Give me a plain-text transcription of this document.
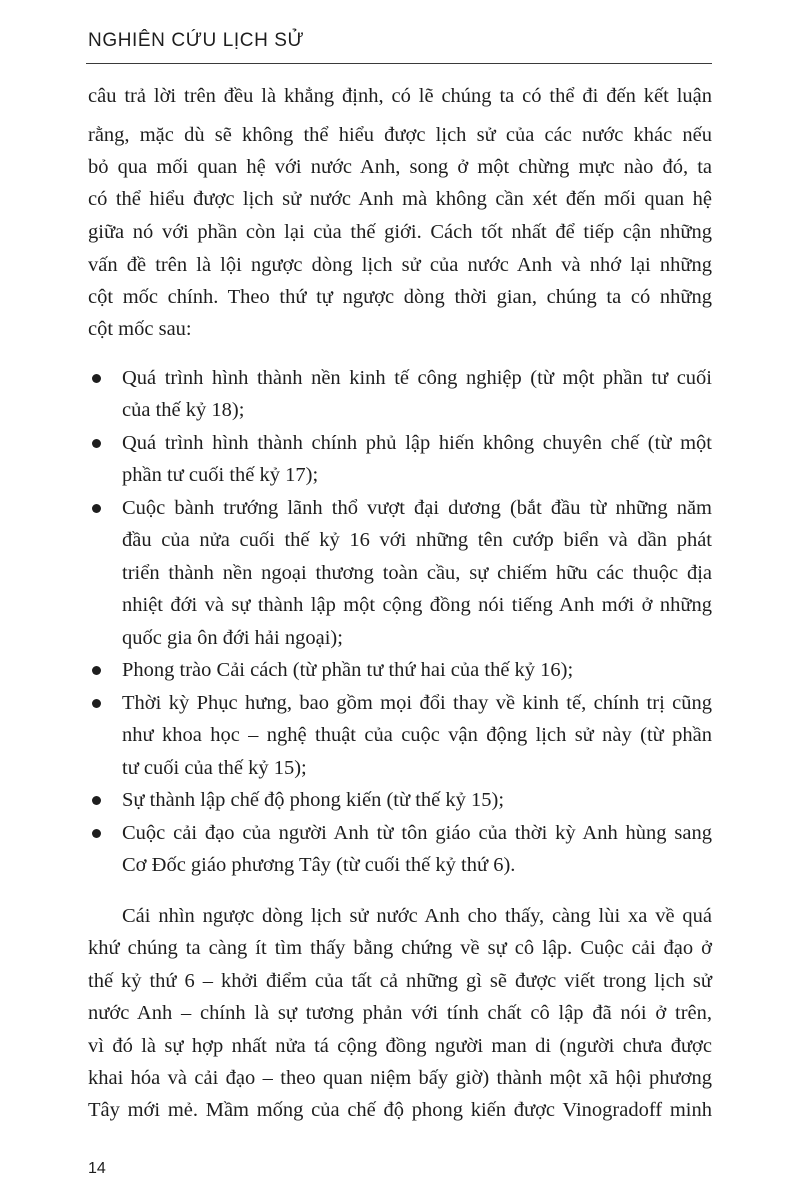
NGHIÊN CỨU LỊCH SỬ
câu trả lời trên đều là khẳng định, có lẽ chúng ta có thể đi đến kết luận
rằng, mặc dù sẽ không thể hiểu được lịch sử của các nước khác nếu
bỏ qua mối quan hệ với nước Anh, song ở một chừng mực nào đó, ta
có thể hiểu được lịch sử nước Anh mà không cần xét đến mối quan hệ
giữa nó với phần còn lại của thế giới. Cách tốt nhất để tiếp cận những
vấn đề trên là lội ngược dòng lịch sử của nước Anh và nhớ lại những
cột mốc chính. Theo thứ tự ngược dòng thời gian, chúng ta có những
cột mốc sau:
Quá trình hình thành nền kinh tế công nghiệp (từ một phần tư cuối
của thế kỷ 18);
Quá trình hình thành chính phủ lập hiến không chuyên chế (từ một
phần tư cuối thế kỷ 17);
Cuộc bành trướng lãnh thổ vượt đại dương (bắt đầu từ những năm
đầu của nửa cuối thế kỷ 16 với những tên cướp biển và dần phát
triển thành nền ngoại thương toàn cầu, sự chiếm hữu các thuộc địa
nhiệt đới và sự thành lập một cộng đồng nói tiếng Anh mới ở những
quốc gia ôn đới hải ngoại);
Phong trào Cải cách (từ phần tư thứ hai của thế kỷ 16);
Thời kỳ Phục hưng, bao gồm mọi đổi thay về kinh tế, chính trị cũng
như khoa học – nghệ thuật của cuộc vận động lịch sử này (từ phần
tư cuối của thế kỷ 15);
Sự thành lập chế độ phong kiến (từ thế kỷ 15);
Cuộc cải đạo của người Anh từ tôn giáo của thời kỳ Anh hùng sang
Cơ Đốc giáo phương Tây (từ cuối thế kỷ thứ 6).
Cái nhìn ngược dòng lịch sử nước Anh cho thấy, càng lùi xa về quá
khứ chúng ta càng ít tìm thấy bằng chứng về sự cô lập. Cuộc cải đạo ở
thế kỷ thứ 6 – khởi điểm của tất cả những gì sẽ được viết trong lịch sử
nước Anh – chính là sự tương phản với tính chất cô lập đã nói ở trên,
vì đó là sự hợp nhất nửa tá cộng đồng người man di (người chưa được
khai hóa và cải đạo – theo quan niệm bấy giờ) thành một xã hội phương
Tây mới mẻ. Mầm mống của chế độ phong kiến được Vinogradoff minh
14
